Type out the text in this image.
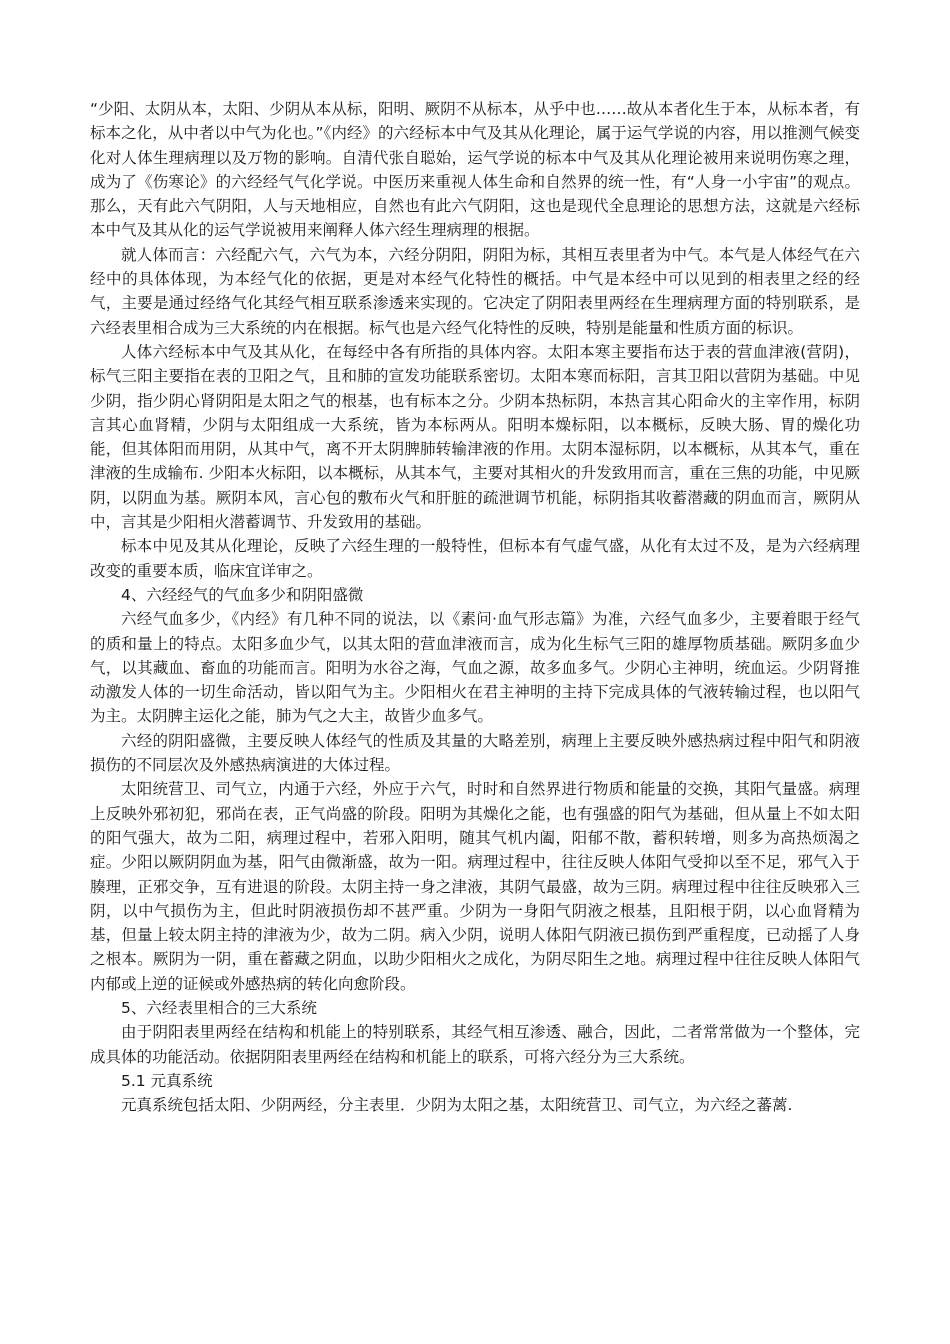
“少阳、太阴从本，太阳、少阴从本从标，阳明、厥阴不从标本，从乎中也……故从本者化生于本，从标本者，有标本之化，从中者以中气为化也。”《内经》的六经标本中气及其从化理论，属于运气学说的内容，用以推测气候变化对人体生理病理以及万物的影响。自清代张自聪始，运气学说的标本中气及其从化理论被用来说明伤寒之理，成为了《伤寒论》的六经经气气化学说。中医历来重视人体生命和自然界的统一性，有“人身一小宇宙”的观点。那么，天有此六气阴阳，人与天地相应，自然也有此六气阴阳，这也是现代全息理论的思想方法，这就是六经标本中气及其从化的运气学说被用来阐释人体六经生理病理的根据。

就人体而言：六经配六气，六气为本，六经分阴阳，阴阳为标，其相互表里者为中气。本气是人体经气在六经中的具体体现，为本经气化的依据，更是对本经气化特性的概括。中气是本经中可以见到的相表里之经的经气，主要是通过经络气化其经气相互联系渗透来实现的。它决定了阴阳表里两经在生理病理方面的特别联系，是六经表里相合成为三大系统的内在根据。标气也是六经气化特性的反映，特别是能量和性质方面的标识。

人体六经标本中气及其从化，在每经中各有所指的具体内容。太阳本寒主要指布达于表的营血津液(营阴)，标气三阳主要指在表的卫阳之气，且和肺的宣发功能联系密切。太阳本寒而标阳，言其卫阳以营阴为基础。中见少阴，指少阴心肾阴阳是太阳之气的根基，也有标本之分。少阴本热标阴，本热言其心阳命火的主宰作用，标阴言其心血肾精，少阴与太阳组成一大系统，皆为本标两从。阳明本燥标阳，以本概标，反映大肠、胃的燥化功能，但其体阳而用阴，从其中气，离不开太阴脾肺转输津液的作用。太阴本湿标阴，以本概标，从其本气，重在津液的生成输布. 少阳本火标阳，以本概标，从其本气，主要对其相火的升发致用而言，重在三焦的功能，中见厥阴，以阴血为基。厥阴本风，言心包的敷布火气和肝脏的疏泄调节机能，标阴指其收蓄潜藏的阴血而言，厥阴从中，言其是少阳相火潜蓄调节、升发致用的基础。

标本中见及其从化理论，反映了六经生理的一般特性，但标本有气虚气盛，从化有太过不及，是为六经病理改变的重要本质，临床宜详审之。

4、六经经气的气血多少和阴阳盛微

六经气血多少，《内经》有几种不同的说法，以《素问·血气形志篇》为准，六经气血多少，主要着眼于经气的质和量上的特点。太阳多血少气，以其太阳的营血津液而言，成为化生标气三阳的雄厚物质基础。厥阴多血少气，以其藏血、畜血的功能而言。阳明为水谷之海，气血之源，故多血多气。少阴心主神明，统血运。少阴肾推动激发人体的一切生命活动，皆以阳气为主。少阳相火在君主神明的主持下完成具体的气液转输过程，也以阳气为主。太阴脾主运化之能，肺为气之大主，故皆少血多气。

六经的阴阳盛微，主要反映人体经气的性质及其量的大略差别，病理上主要反映外感热病过程中阳气和阴液损伤的不同层次及外感热病演进的大体过程。

太阳统营卫、司气立，内通于六经，外应于六气，时时和自然界进行物质和能量的交换，其阳气量盛。病理上反映外邪初犯，邪尚在表，正气尚盛的阶段。阳明为其燥化之能，也有强盛的阳气为基础，但从量上不如太阳的阳气强大，故为二阳，病理过程中，若邪入阳明，随其气机内阖，阳郁不散，蓄积转增，则多为高热烦渴之症。少阳以厥阴阴血为基，阳气由微渐盛，故为一阳。病理过程中，往往反映人体阳气受抑以至不足，邪气入于腠理，正邪交争，互有进退的阶段。太阴主持一身之津液，其阴气最盛，故为三阴。病理过程中往往反映邪入三阴，以中气损伤为主，但此时阴液损伤却不甚严重。少阴为一身阳气阴液之根基，且阳根于阴，以心血肾精为基，但量上较太阴主持的津液为少，故为二阴。病入少阴，说明人体阳气阴液已损伤到严重程度，已动摇了人身之根本。厥阴为一阴，重在蓄藏之阴血，以助少阳相火之成化，为阴尽阳生之地。病理过程中往往反映人体阳气内郁或上逆的证候或外感热病的转化向愈阶段。

5、六经表里相合的三大系统

由于阴阳表里两经在结构和机能上的特别联系，其经气相互渗透、融合，因此，二者常常做为一个整体，完成具体的功能活动。依据阴阳表里两经在结构和机能上的联系，可将六经分为三大系统。

5.1 元真系统

元真系统包括太阳、少阴两经，分主表里．少阴为太阳之基，太阳统营卫、司气立，为六经之蕃蓠.
